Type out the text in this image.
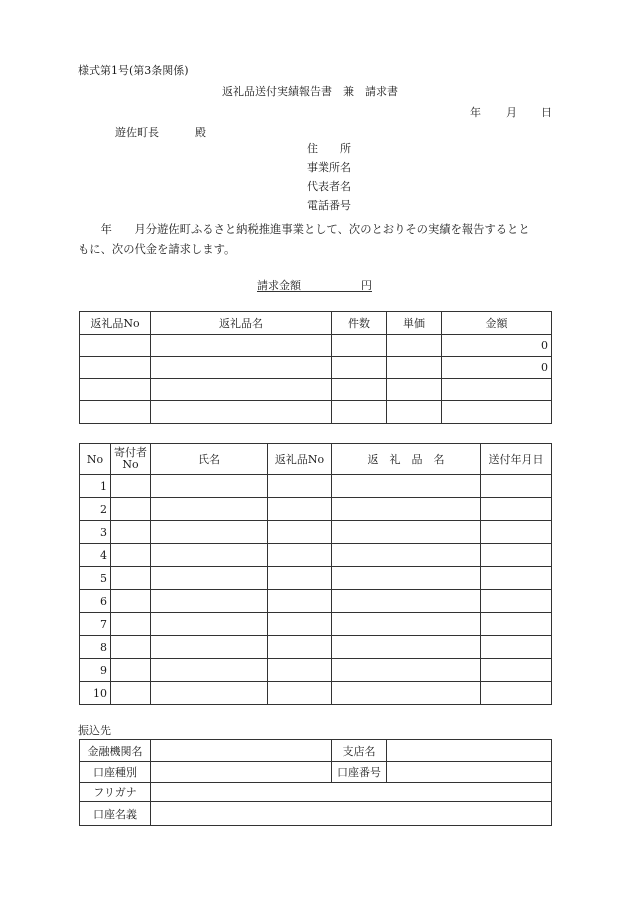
様式第1号(第3条関係)
返礼品送付実績報告書　兼　請求書
年 月 日
遊佐町長	殿
住　　所
事業所名
代表者名
電話番号
　　年　　月分遊佐町ふるさと納税推進事業として、次のとおりその実績を報告するとと
もに、次の代金を請求します。
請求金額	円
返礼品No	返礼品名	件数	単価	金額
				0
				0

No	寄付者No	氏名	返礼品No	返　礼　品　名	送付年月日
1					
2					
3					
4					
5					
6					
7					
8					
9					
10					
振込先
金融機関名		支店名	
口座種別		口座番号	
フリガナ			
口座名義			
